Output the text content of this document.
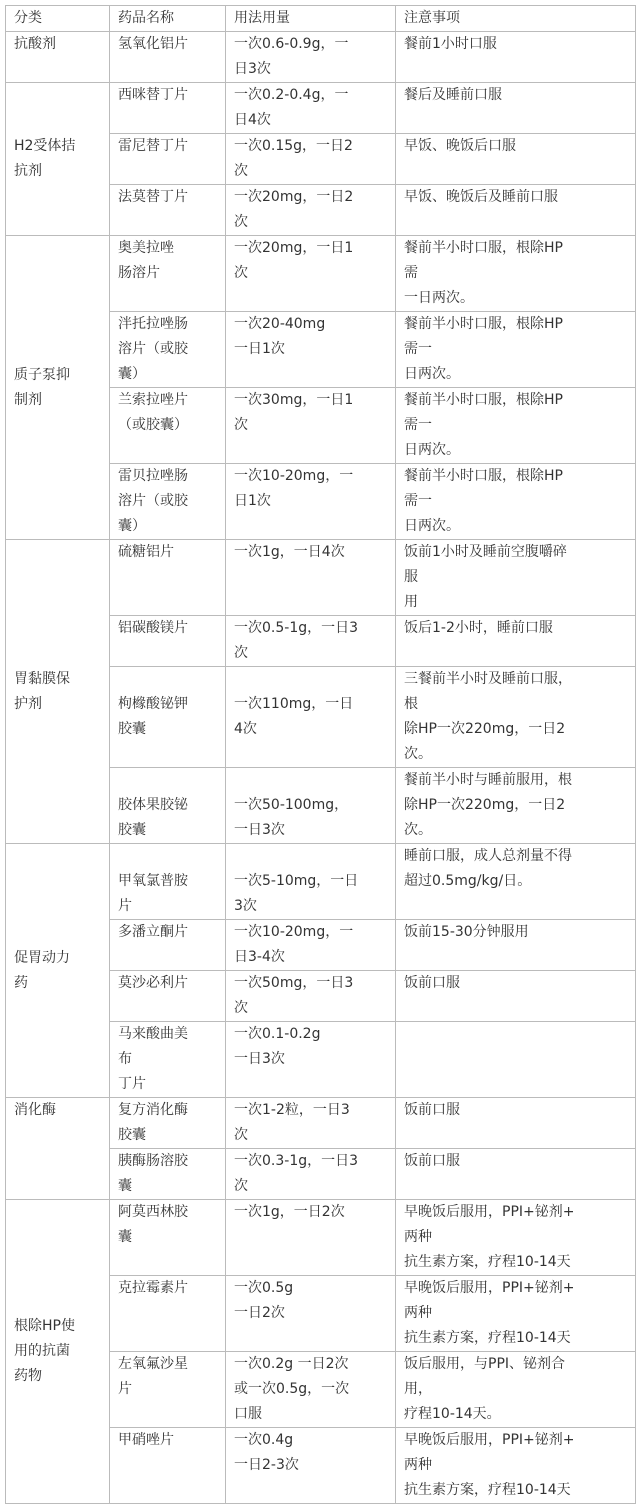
分类	药品名称	用法用量	注意事项

抗酸剂	氢氧化铝片	一次0.6-0.9g，一
日3次	餐前1小时口服

H2受体拮
抗剂	西咪替丁片	一次0.2-0.4g，一
日4次	餐后及睡前口服

	雷尼替丁片	一次0.15g，一日2
次	早饭、晚饭后口服

	法莫替丁片	一次20mg，一日2
次	早饭、晚饭后及睡前口服

质子泵抑
制剂	奥美拉唑
肠溶片	一次20mg，一日1
次	餐前半小时口服，根除HP
需
一日两次。

	泮托拉唑肠
溶片（或胶
囊）	一次20-40mg
一日1次	餐前半小时口服，根除HP
需一
日两次。

	兰索拉唑片
（或胶囊）	一次30mg，一日1
次	餐前半小时口服，根除HP
需一
日两次。

	雷贝拉唑肠
溶片（或胶
囊）	一次10-20mg，一
日1次	餐前半小时口服，根除HP
需一
日两次。

胃黏膜保
护剂	硫糖铝片	一次1g，一日4次	饭前1小时及睡前空腹嚼碎
服
用

	铝碳酸镁片	一次0.5-1g，一日3
次	饭后1-2小时，睡前口服

	枸橼酸铋钾
胶囊	一次110mg，一日
4次	三餐前半小时及睡前口服，
根
除HP一次220mg，一日2
次。

	胶体果胶铋
胶囊	一次50-100mg，
一日3次	餐前半小时与睡前服用，根
除HP一次220mg，一日2
次。

促胃动力
药	甲氧氯普胺
片	一次5-10mg，一日
3次	睡前口服，成人总剂量不得
超过0.5mg/kg/日。

	多潘立酮片	一次10-20mg，一
日3-4次	饭前15-30分钟服用

	莫沙必利片	一次50mg，一日3
次	饭前口服

	马来酸曲美
布
丁片	一次0.1-0.2g
一日3次	

消化酶	复方消化酶
胶囊	一次1-2粒，一日3
次	饭前口服

	胰酶肠溶胶
囊	一次0.3-1g，一日3
次	饭前口服

根除HP使
用的抗菌
药物	阿莫西林胶
囊	一次1g，一日2次	早晚饭后服用，PPI+铋剂+
两种
抗生素方案，疗程10-14天

	克拉霉素片	一次0.5g
一日2次	早晚饭后服用，PPI+铋剂+
两种
抗生素方案，疗程10-14天

	左氧氟沙星
片	一次0.2g 一日2次
或一次0.5g，一次
口服	饭后服用，与PPI、铋剂合
用，
疗程10-14天。

	甲硝唑片	一次0.4g
一日2-3次	早晚饭后服用，PPI+铋剂+
两种
抗生素方案，疗程10-14天
